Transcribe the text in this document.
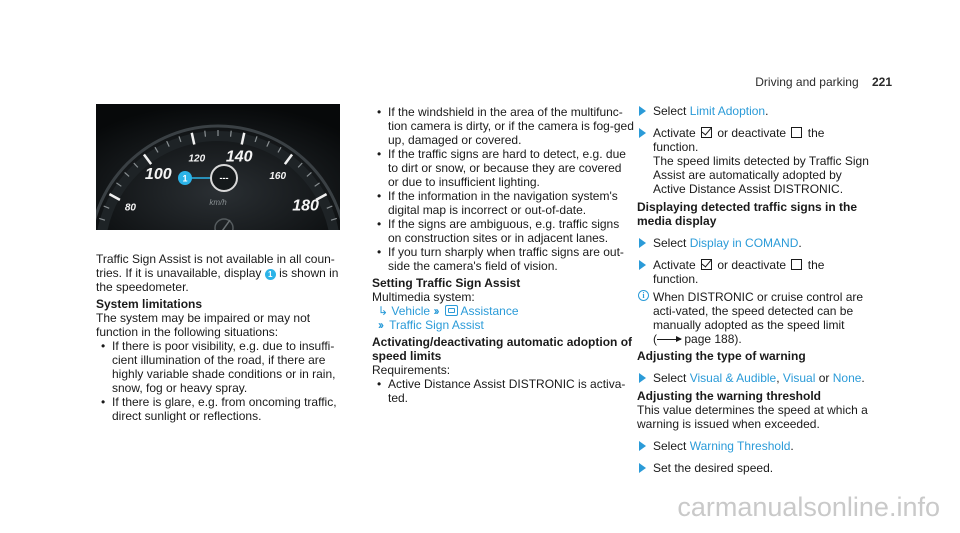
Driving and parking 221
80
100
120 140
160
180
1	---
km/h

Traffic Sign Assist is not available in all coun-tries. If it is unavailable, display 1 is shown in the speedometer.

System limitations

The system may be impaired or may not function in the following situations:

• If there is poor visibility, e.g. due to insuffi-cient illumination of the road, if there are highly variable shade conditions or in rain, snow, fog or heavy spray.
• If there is glare, e.g. from oncoming traffic, direct sunlight or reflections.
• If the windshield in the area of the multifunc-tion camera is dirty, or if the camera is fog-ged up, damaged or covered.
• If the traffic signs are hard to detect, e.g. due to dirt or snow, or because they are covered or due to insufficient lighting.
• If the information in the navigation system's digital map is incorrect or out-of-date.
• If the signs are ambiguous, e.g. traffic signs on construction sites or in adjacent lanes.
• If you turn sharply when traffic signs are out-side the camera's field of vision.

Setting Traffic Sign Assist

Multimedia system:

↳ Vehicle ›› Assistance

›› Traffic Sign Assist

Activating/deactivating automatic adoption of speed limits

Requirements:

• Active Distance Assist DISTRONIC is activa-ted.
Select Limit Adoption.
Activate or deactivate the function.
The speed limits detected by Traffic Sign Assist are automatically adopted by Active Distance Assist DISTRONIC.

Displaying detected traffic signs in the media display

Select Display in COMAND.
Activate or deactivate the function.
i When DISTRONIC or cruise control are acti-vated, the speed detected can be manually adopted as the speed limit
( page 188).

Adjusting the type of warning

Select Visual & Audible, Visual or None.

Adjusting the warning threshold

This value determines the speed at which a warning is issued when exceeded.

Select Warning Threshold.
Set the desired speed.
carmanualsonline.info
